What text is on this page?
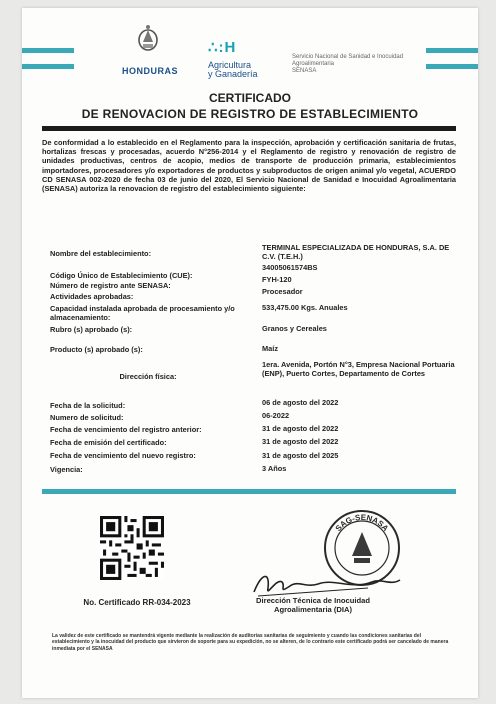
HONDURAS
∴:H
Agricultura
y Ganadería
Servicio Nacional de Sanidad e Inocuidad
Agroalimentaria
SENASA
CERTIFICADO
DE RENOVACION DE REGISTRO DE ESTABLECIMIENTO
De conformidad a lo establecido en el Reglamento para la inspección, aprobación y certificación sanitaria de frutas, hortalizas frescas y procesadas, acuerdo N°256-2014 y el Reglamento de registro y renovación de registro de unidades productivas, centros de acopio, medios de transporte de producción primaria, establecimientos importadores, procesadores y/o exportadores de productos y subproductos de origen animal y/o vegetal, ACUERDO CD SENASA 002-2020 de fecha 03 de junio del 2020, El Servicio Nacional de Sanidad e Inocuidad Agroalimentaria (SENASA) autoriza la renovacion de registro del establecimiento siguiente:
Nombre del establecimiento:
TERMINAL ESPECIALIZADA DE HONDURAS, S.A. DE C.V. (T.E.H.)
Código Único de Establecimiento (CUE):
34005061574BS
Número de registro ante SENASA:
FYH-120
Actividades aprobadas:
Procesador
Capacidad instalada aprobada de procesamiento y/o almacenamiento:
533,475.00 Kgs. Anuales
Rubro (s) aprobado (s):	Granos y Cereales
Producto (s) aprobado (s):	Maíz
Dirección física:
1era. Avenida, Portón N°3, Empresa Nacional Portuaria (ENP), Puerto Cortes, Departamento de Cortes
Fecha de la solicitud:	06 de agosto del 2022
Numero de solicitud:	06-2022
Fecha de vencimiento del registro anterior:	31 de agosto del 2022
Fecha de emisión del certificado:	31 de agosto del 2022
Fecha de vencimiento del nuevo registro:	31 de agosto del 2025
Vigencia:	3 Años
No. Certificado RR-034-2023
SAG-SENASA
Dirección Técnica de Inocuidad
Agroalimentaria (DIA)
La validez de este certificado se mantendrá vigente mediante la realización de auditorías sanitarias de seguimiento y cuando las condiciones sanitarias del establecimiento y la inocuidad del producto que sirvieron de soporte para su expedición, no se alteren, de lo contrario este certificado podrá ser cancelado de manera inmediata por el SENASA
